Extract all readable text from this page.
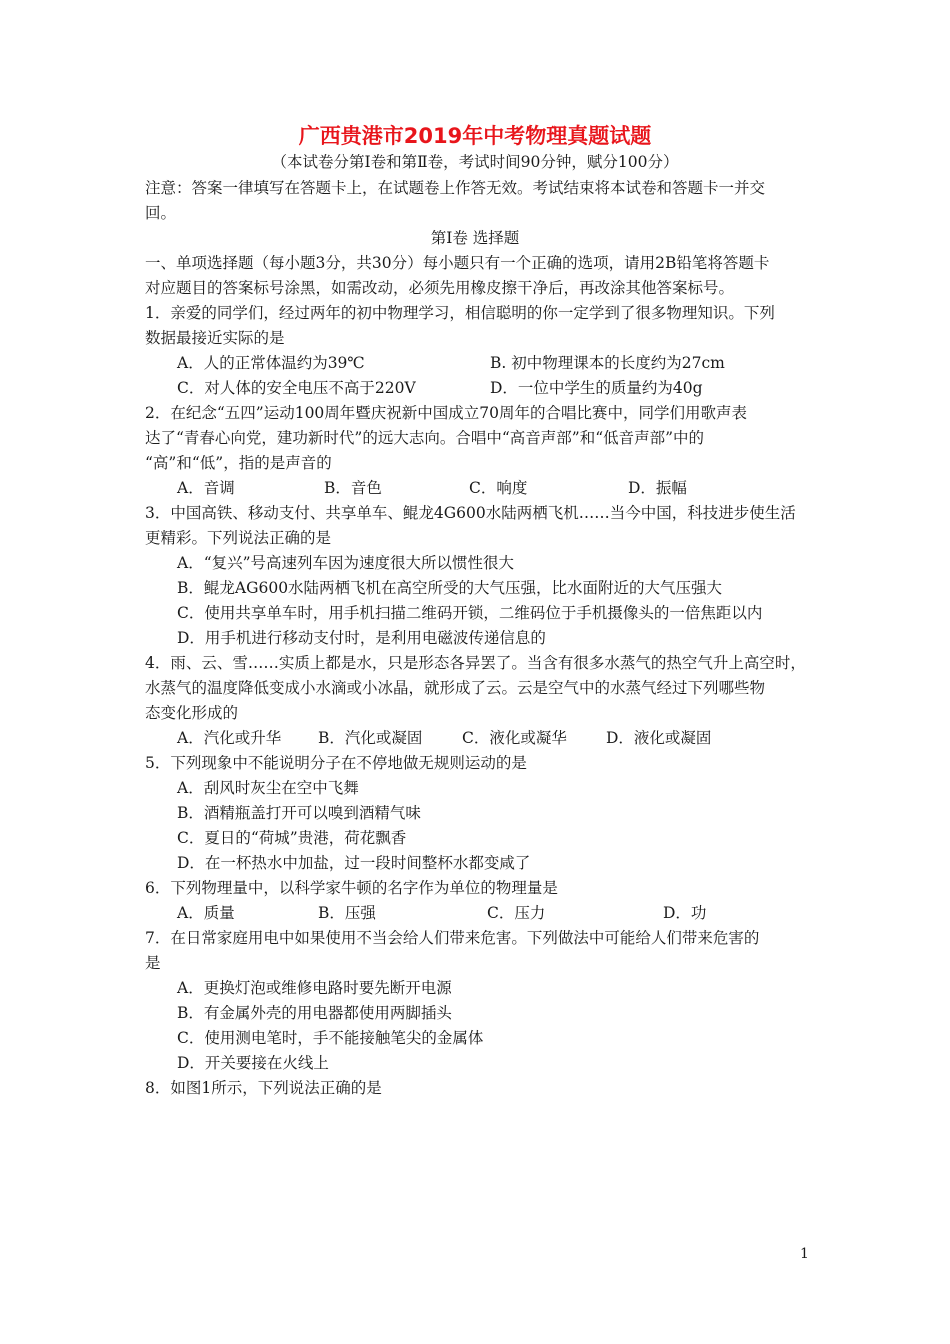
广西贵港市2019年中考物理真题试题
（本试卷分第Ⅰ卷和第Ⅱ卷，考试时间90分钟，赋分100分）
注意：答案一律填写在答题卡上，在试题卷上作答无效。考试结束将本试卷和答题卡一并交
回。
第Ⅰ卷 选择题
一、单项选择题（每小题3分，共30分）每小题只有一个正确的选项，请用2B铅笔将答题卡
对应题目的答案标号涂黑，如需改动，必须先用橡皮擦干净后，再改涂其他答案标号。
1．亲爱的同学们，经过两年的初中物理学习，相信聪明的你一定学到了很多物理知识。下列
数据最接近实际的是
A．人的正常体温约为39℃	B. 初中物理课本的长度约为27cm
C．对人体的安全电压不高于220V	D．一位中学生的质量约为40g
2．在纪念“五四”运动100周年暨庆祝新中国成立70周年的合唱比赛中，同学们用歌声表
达了“青春心向党，建功新时代”的远大志向。合唱中“高音声部”和“低音声部”中的
“高”和“低”，指的是声音的
A．音调	B．音色	C．响度	D．振幅
3．中国高铁、移动支付、共享单车、鲲龙4G600水陆两栖飞机……当今中国，科技进步使生活
更精彩。下列说法正确的是
A．“复兴”号高速列车因为速度很大所以惯性很大
B．鲲龙AG600水陆两栖飞机在高空所受的大气压强，比水面附近的大气压强大
C．使用共享单车时，用手机扫描二维码开锁，二维码位于手机摄像头的一倍焦距以内
D．用手机进行移动支付时，是利用电磁波传递信息的
4．雨、云、雪……实质上都是水，只是形态各异罢了。当含有很多水蒸气的热空气升上高空时，
水蒸气的温度降低变成小水滴或小冰晶，就形成了云。云是空气中的水蒸气经过下列哪些物
态变化形成的
A．汽化或升华 B．汽化或凝固	C．液化或凝华	D．液化或凝固
5．下列现象中不能说明分子在不停地做无规则运动的是
A．刮风时灰尘在空中飞舞
B．酒精瓶盖打开可以嗅到酒精气味
C．夏日的“荷城”贵港，荷花飘香
D．在一杯热水中加盐，过一段时间整杯水都变咸了
6．下列物理量中，以科学家牛顿的名字作为单位的物理量是
A．质量	B．压强	C．压力	D．功
7．在日常家庭用电中如果使用不当会给人们带来危害。下列做法中可能给人们带来危害的
是
A．更换灯泡或维修电路时要先断开电源
B．有金属外壳的用电器都使用两脚插头
C．使用测电笔时，手不能接触笔尖的金属体
D．开关要接在火线上
8．如图1所示，下列说法正确的是
1
